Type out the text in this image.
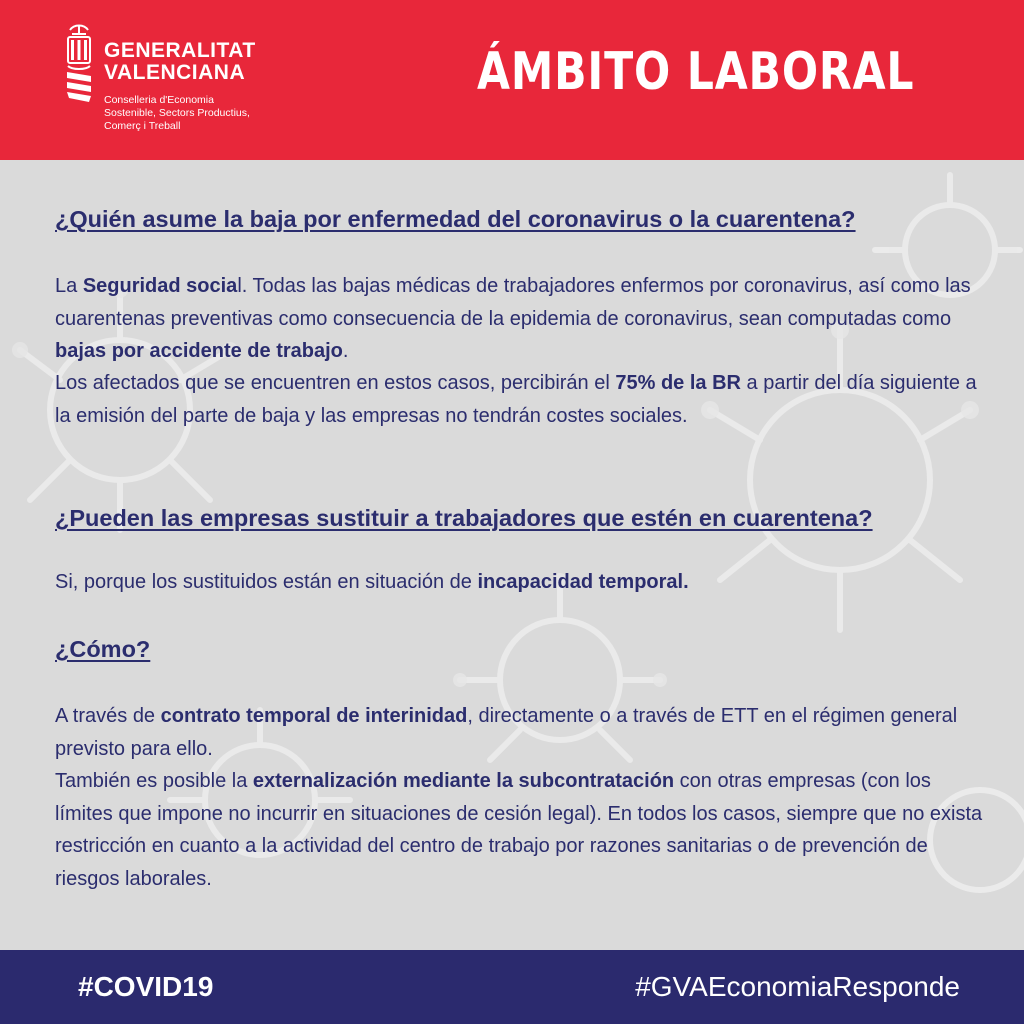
GENERALITAT
VALENCIANA
Conselleria d'Economia
Sostenible, Sectors Productius,
Comerç i Treball
ÁMBITO LABORAL
¿Quién asume la baja por enfermedad del coronavirus o la cuarentena?
La Seguridad social. Todas las bajas médicas de trabajadores enfermos por coronavirus, así como las cuarentenas preventivas como consecuencia de la epidemia de coronavirus, sean computadas como bajas por accidente de trabajo.
Los afectados que se encuentren en estos casos, percibirán el 75% de la BR a partir del día siguiente a la emisión del parte de baja y las empresas no tendrán costes sociales.
¿Pueden las empresas sustituir a trabajadores que estén en cuarentena?
Si, porque los sustituidos están en situación de incapacidad temporal.
¿Cómo?
A través de contrato temporal de interinidad, directamente o a través de ETT en el régimen general previsto para ello.
También es posible la externalización mediante la subcontratación con otras empresas (con los límites que impone no incurrir en situaciones de cesión legal). En todos los casos, siempre que no exista restricción en cuanto a la actividad del centro de trabajo por razones sanitarias o de prevención de riesgos laborales.
#COVID19	#GVAEconomiaResponde
